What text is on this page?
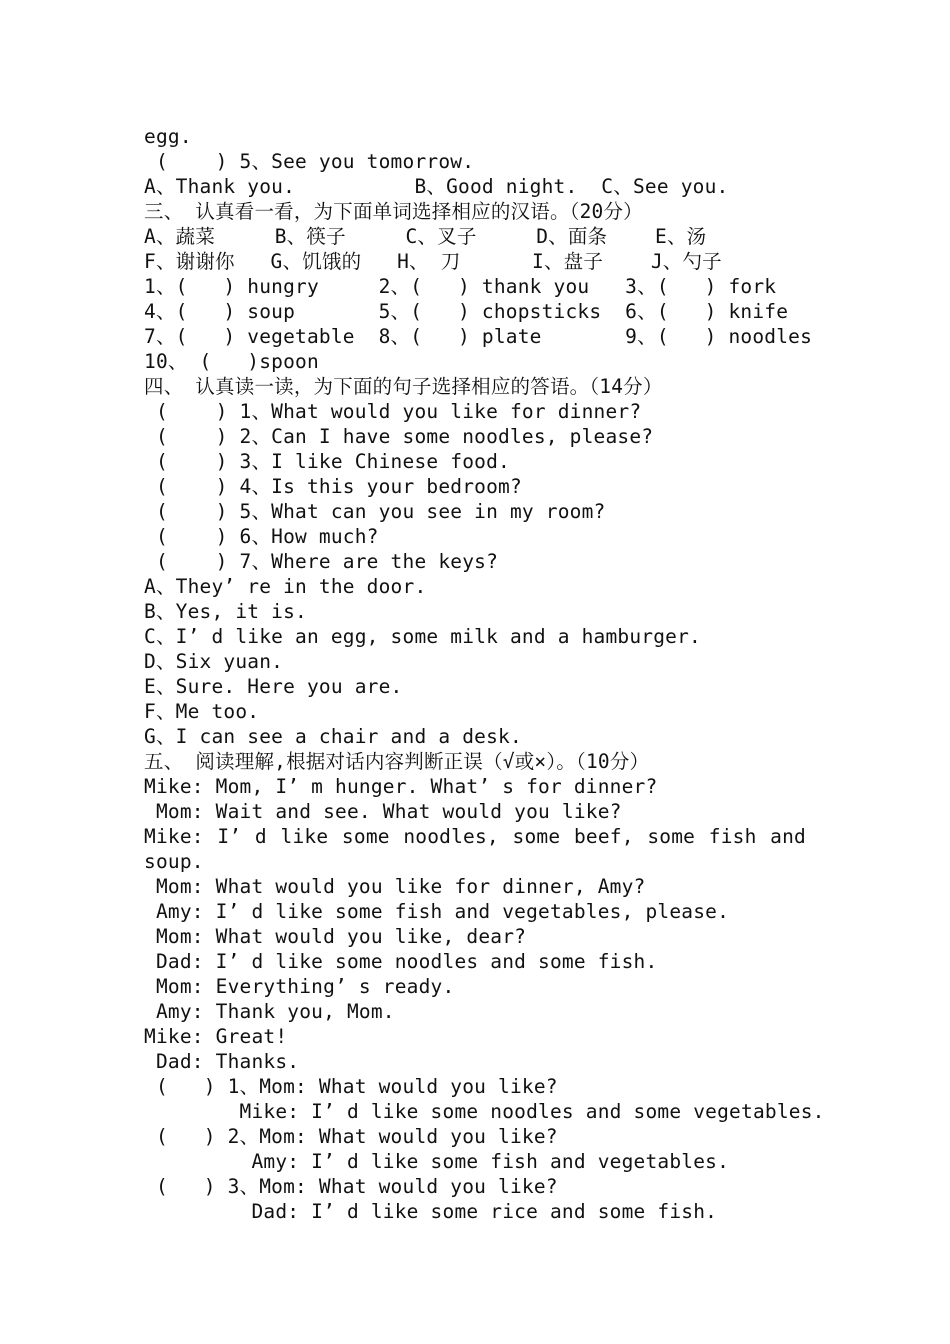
egg.
(    ) 5、See you tomorrow.
A、Thank you.          B、Good night.  C、See you.
三、 认真看一看，为下面单词选择相应的汉语。（20分）
A、蔬菜     B、筷子     C、叉子     D、面条    E、汤
F、谢谢你   G、饥饿的   H、 刀      I、盘子    J、勺子
1、(   ) hungry     2、(   ) thank you   3、(   ) fork
4、(   ) soup       5、(   ) chopsticks  6、(   ) knife
7、(   ) vegetable  8、(   ) plate       9、(   ) noodles
10、 (   )spoon
四、 认真读一读，为下面的句子选择相应的答语。（14分）
(    ) 1、What would you like for dinner?
(    ) 2、Can I have some noodles, please?
(    ) 3、I like Chinese food.
(    ) 4、Is this your bedroom?
(    ) 5、What can you see in my room?
(    ) 6、How much?
(    ) 7、Where are the keys?
A、They’ re in the door.
B、Yes, it is.
C、I’ d like an egg, some milk and a hamburger.
D、Six yuan.
E、Sure. Here you are.
F、Me too.
G、I can see a chair and a desk.
五、 阅读理解,根据对话内容判断正误（√或×）。（10分）
Mike: Mom, I’ m hunger. What’ s for dinner?
Mom: Wait and see. What would you like?
Mike: I’ d like some noodles, some beef, some fish and
soup.
Mom: What would you like for dinner, Amy?
Amy: I’ d like some fish and vegetables, please.
Mom: What would you like, dear?
Dad: I’ d like some noodles and some fish.
Mom: Everything’ s ready.
Amy: Thank you, Mom.
Mike: Great!
Dad: Thanks.
(   ) 1、Mom: What would you like?
Mike: I’ d like some noodles and some vegetables.
(   ) 2、Mom: What would you like?
Amy: I’ d like some fish and vegetables.
(   ) 3、Mom: What would you like?
Dad: I’ d like some rice and some fish.
